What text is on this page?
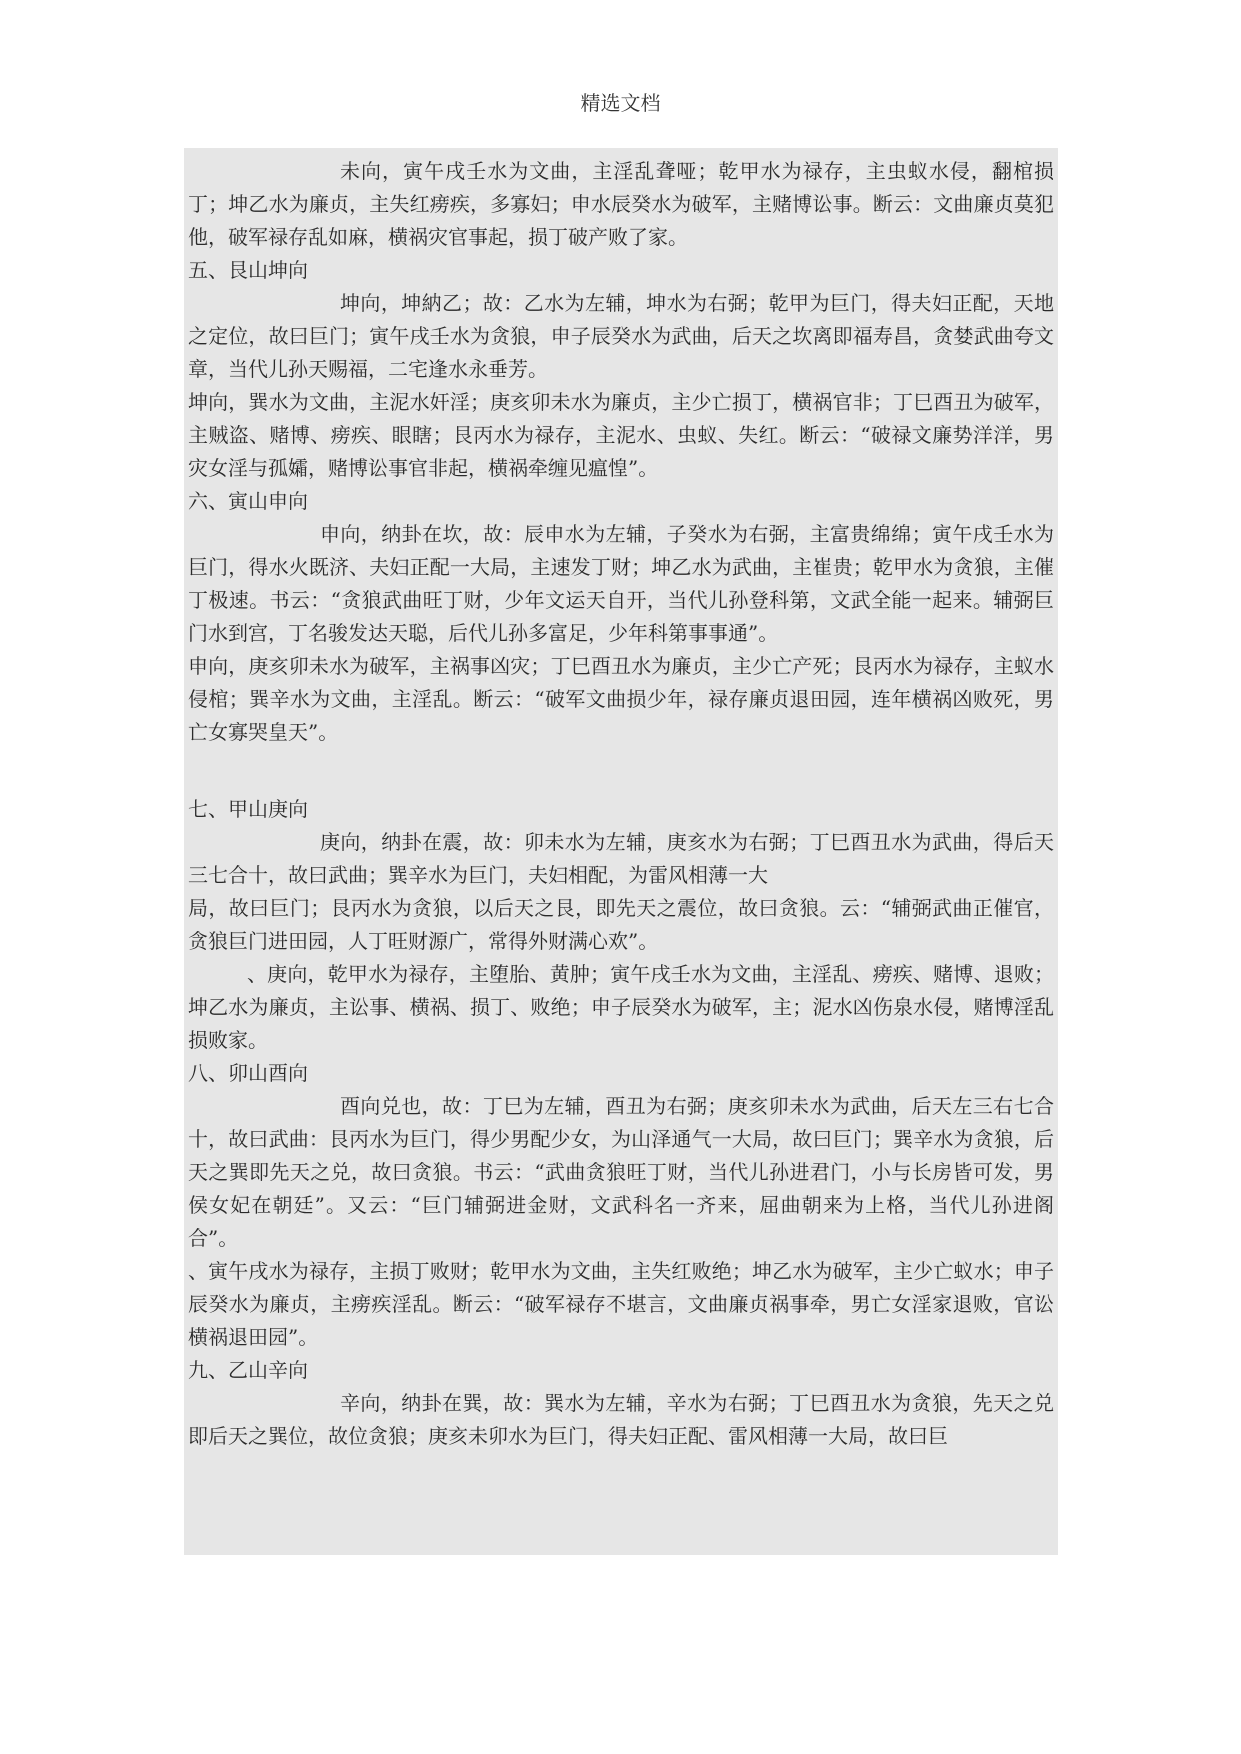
精选文档

未向，寅午戌壬水为文曲，主淫乱聋哑；乾甲水为禄存，主虫蚁水侵，翻棺损丁；坤乙水为廉贞，主失红痨疾，多寡妇；申水辰癸水为破军，主赌博讼事。断云：文曲廉贞莫犯他，破军禄存乱如麻，横祸灾官事起，损丁破产败了家。

五、艮山坤向

坤向，坤納乙；故：乙水为左辅，坤水为右弼；乾甲为巨门，得夫妇正配，天地之定位，故曰巨门；寅午戌壬水为贪狼，申子辰癸水为武曲，后天之坎离即福寿昌，贪婪武曲夸文章，当代儿孙天赐福，二宅逢水永垂芳。

坤向，巽水为文曲，主泥水奸淫；庚亥卯未水为廉贞，主少亡损丁，横祸官非；丁巳酉丑为破军，主贼盗、赌博、痨疾、眼瞎；艮丙水为禄存，主泥水、虫蚁、失红。断云：“破禄文廉势洋洋，男灾女淫与孤孀，赌博讼事官非起，横祸牵缠见瘟惶”。

六、寅山申向

申向，纳卦在坎，故：辰申水为左辅，子癸水为右弼，主富贵绵绵；寅午戌壬水为巨门，得水火既济、夫妇正配一大局，主速发丁财；坤乙水为武曲，主崔贵；乾甲水为贪狼，主催丁极速。书云：“贪狼武曲旺丁财，少年文运天自开，当代儿孙登科第，文武全能一起来。辅弼巨门水到宫，丁名骏发达天聪，后代儿孙多富足，少年科第事事通”。

申向，庚亥卯未水为破军，主祸事凶灾；丁巳酉丑水为廉贞，主少亡产死；艮丙水为禄存，主蚁水侵棺；巽辛水为文曲，主淫乱。断云：“破军文曲损少年，禄存廉贞退田园，连年横祸凶败死，男亡女寡哭皇天”。

七、甲山庚向

庚向，纳卦在震，故：卯未水为左辅，庚亥水为右弼；丁巳酉丑水为武曲，得后天三七合十，故曰武曲；巽辛水为巨门，夫妇相配，为雷风相薄一大

局，故曰巨门；艮丙水为贪狼，以后天之艮，即先天之震位，故曰贪狼。云：“辅弼武曲正催官，贪狼巨门进田园，人丁旺财源广，常得外财满心欢”。

、庚向，乾甲水为禄存，主堕胎、黄肿；寅午戌壬水为文曲，主淫乱、痨疾、赌博、退败；坤乙水为廉贞，主讼事、横祸、损丁、败绝；申子辰癸水为破军，主；泥水凶伤泉水侵，赌博淫乱损败家。

八、卯山酉向

酉向兑也，故：丁巳为左辅，酉丑为右弼；庚亥卯未水为武曲，后天左三右七合十，故曰武曲：艮丙水为巨门，得少男配少女，为山泽通气一大局，故曰巨门；巽辛水为贪狼，后天之巽即先天之兑，故曰贪狼。书云：“武曲贪狼旺丁财，当代儿孙进君门，小与长房皆可发，男侯女妃在朝廷”。又云：“巨门辅弼进金财，文武科名一齐来，屈曲朝来为上格，当代儿孙进阁合”。

、寅午戌水为禄存，主损丁败财；乾甲水为文曲，主失红败绝；坤乙水为破军，主少亡蚁水；申子辰癸水为廉贞，主痨疾淫乱。断云：“破军禄存不堪言，文曲廉贞祸事牵，男亡女淫家退败，官讼横祸退田园”。

九、乙山辛向

辛向，纳卦在巽，故：巽水为左辅，辛水为右弼；丁巳酉丑水为贪狼，先天之兑即后天之巽位，故位贪狼；庚亥未卯水为巨门，得夫妇正配、雷风相薄一大局，故曰巨
